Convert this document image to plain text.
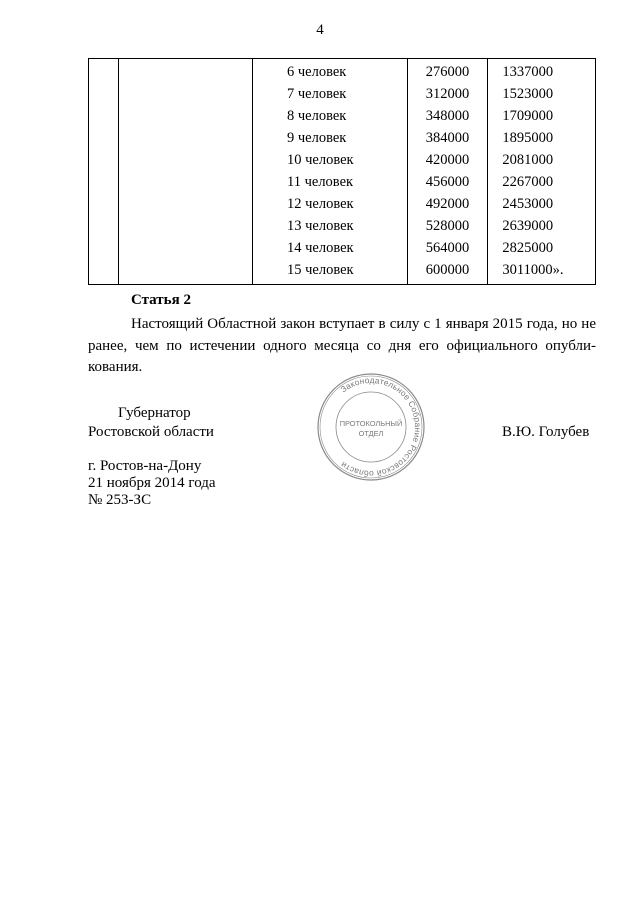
4
		6 человек	276000	1337000
		7 человек	312000	1523000
		8 человек	348000	1709000
		9 человек	384000	1895000
		10 человек	420000	2081000
		11 человек	456000	2267000
		12 человек	492000	2453000
		13 человек	528000	2639000
		14 человек	564000	2825000
		15 человек	600000	3011000».
Статья 2
Настоящий Областной закон вступает в силу с 1 января 2015 года, но не ранее, чем по истечении одного месяца со дня его официального опубли-кования.
Губернатор
Ростовской области	В.Ю. Голубев
Законодательное Собрание Ростовской области
ПРОТОКОЛЬНЫЙ
ОТДЕЛ
г. Ростов-на-Дону
21 ноября 2014 года
№ 253-ЗС
